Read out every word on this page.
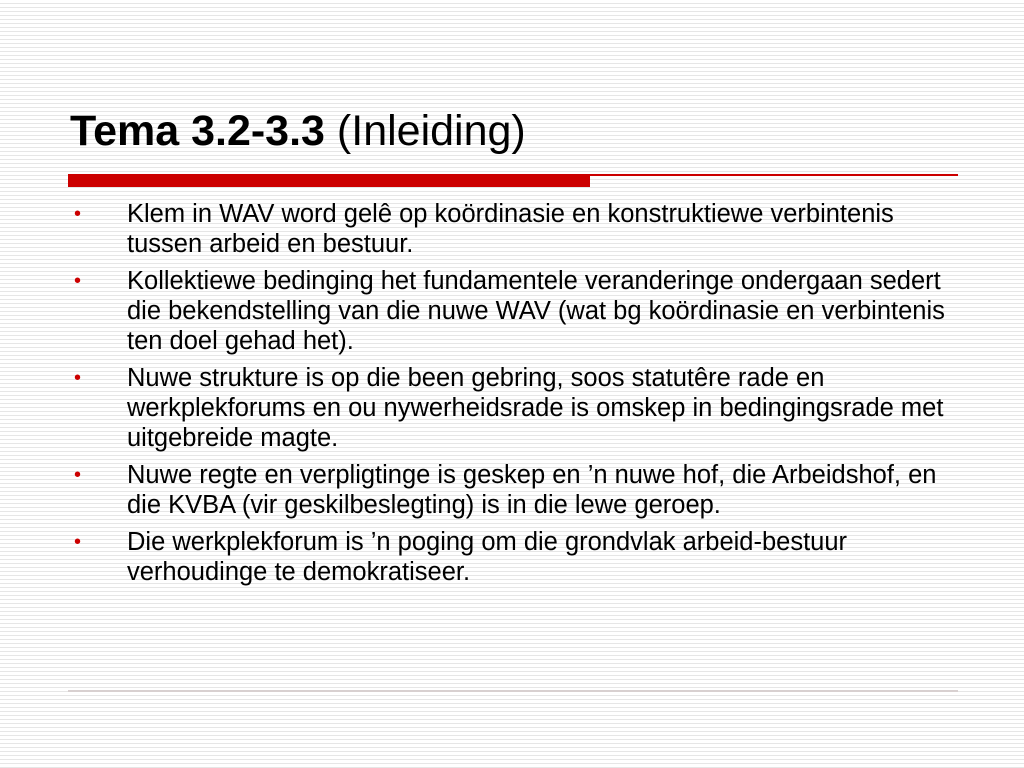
Tema 3.2-3.3 (Inleiding)
• Klem in WAV word gelê op koördinasie en konstruktiewe verbintenis tussen arbeid en bestuur.
• Kollektiewe bedinging het fundamentele veranderinge ondergaan sedert die bekendstelling van die nuwe WAV (wat bg koördinasie en verbintenis ten doel gehad het).
• Nuwe strukture is op die been gebring, soos statutêre rade en werkplekforums en ou nywerheidsrade is omskep in bedingingsrade met uitgebreide magte.
• Nuwe regte en verpligtinge is geskep en ’n nuwe hof, die Arbeidshof, en die KVBA (vir geskilbeslegting) is in die lewe geroep.
• Die werkplekforum is ’n poging om die grondvlak arbeid-bestuur verhoudinge te demokratiseer.
